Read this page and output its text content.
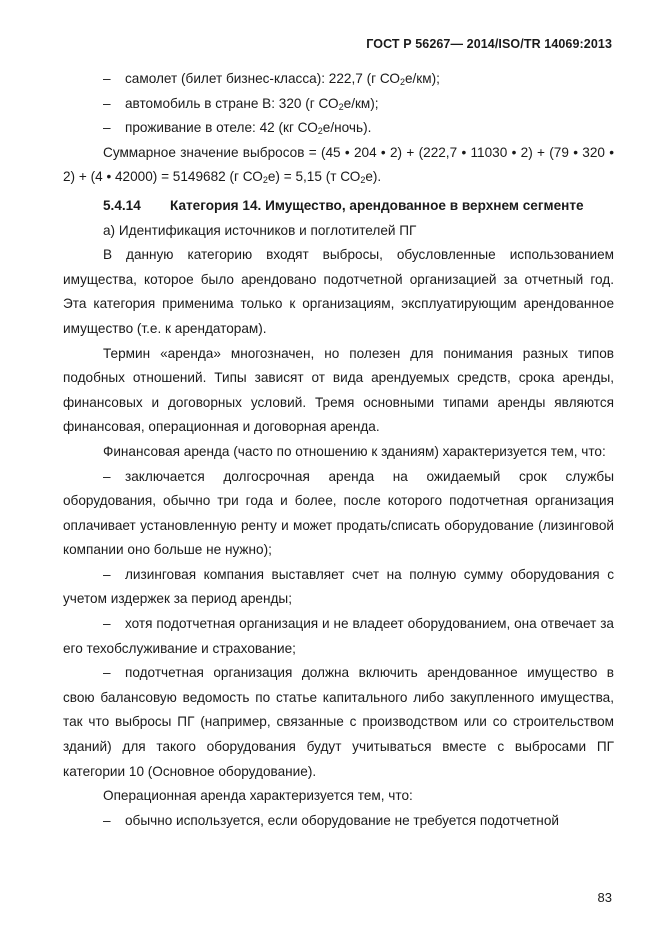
ГОСТ Р 56267— 2014/ISO/TR 14069:2013

– самолет (билет бизнес-класса): 222,7 (г $СО_2е/км$);

– автомобиль в стране В: 320 (г $СО_2е/км$);

– проживание в отеле: 42 (кг $СО_2е/ночь$).

Суммарное значение выбросов = (45 • 204 • 2) + (222,7 • 11030 • 2) + (79 • 320 • 2) + (4 • 42000) = 5149682 (г $СО_2е) = 5,15$ (т $СО_2е$).

5.4.14 Категория 14. Имущество, арендованное в верхнем сегменте

а) Идентификация источников и поглотителей ПГ

В данную категорию входят выбросы, обусловленные использованием имущества, которое было арендовано подотчетной организацией за отчетный год. Эта категория применима только к организациям, эксплуатирующим арендованное имущество (т.е. к арендаторам).

Термин «аренда» многозначен, но полезен для понимания разных типов подобных отношений. Типы зависят от вида арендуемых средств, срока аренды, финансовых и договорных условий. Тремя основными типами аренды являются финансовая, операционная и договорная аренда.

Финансовая аренда (часто по отношению к зданиям) характеризуется тем, что:

– заключается долгосрочная аренда на ожидаемый срок службы оборудования, обычно три года и более, после которого подотчетная организация оплачивает установленную ренту и может продать/списать оборудование (лизинговой компании оно больше не нужно);

– лизинговая компания выставляет счет на полную сумму оборудования с учетом издержек за период аренды;

– хотя подотчетная организация и не владеет оборудованием, она отвечает за его техобслуживание и страхование;

– подотчетная организация должна включить арендованное имущество в свою балансовую ведомость по статье капитального либо закупленного имущества, так что выбросы ПГ (например, связанные с производством или со строительством зданий) для такого оборудования будут учитываться вместе с выбросами ПГ категории 10 (Основное оборудование).

Операционная аренда характеризуется тем, что:

– обычно используется, если оборудование не требуется подотчетной

83
